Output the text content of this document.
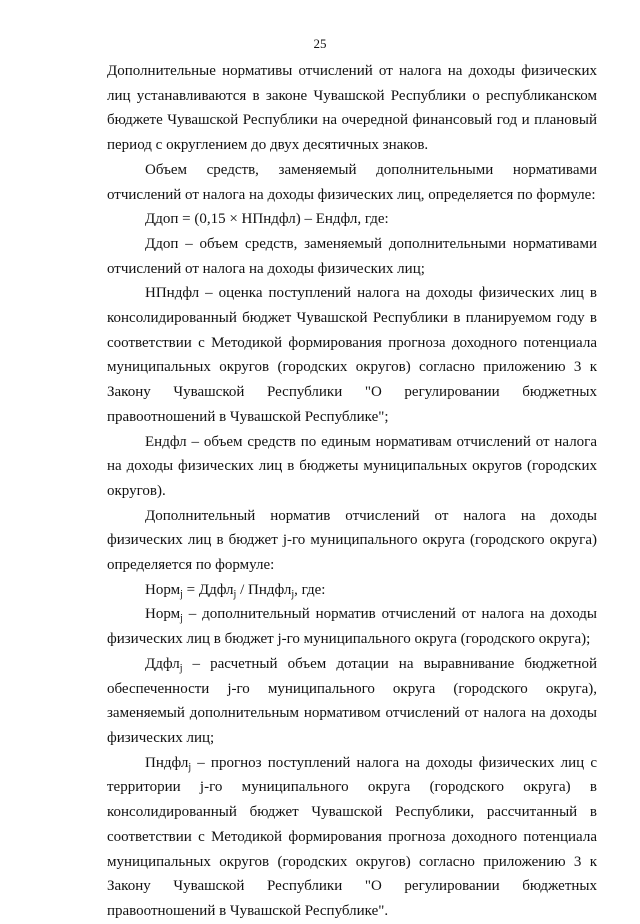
25

Дополнительные нормативы отчислений от налога на доходы физических лиц устанавливаются в законе Чувашской Республики о республиканском бюджете Чувашской Республики на очередной финансовый год и плановый период с округлением до двух десятичных знаков.

Объем средств, заменяемый дополнительными нормативами отчислений от налога на доходы физических лиц, определяется по формуле:

Ддоп = (0,15 × НПндфл) – Ендфл, где:

Ддоп – объем средств, заменяемый дополнительными нормативами отчислений от налога на доходы физических лиц;

НПндфл – оценка поступлений налога на доходы физических лиц в консолидированный бюджет Чувашской Республики в планируемом году в соответствии с Методикой формирования прогноза доходного потенциала муниципальных округов (городских округов) согласно приложению 3 к Закону Чувашской Республики "О регулировании бюджетных правоотношений в Чувашской Республике";

Ендфл – объем средств по единым нормативам отчислений от налога на доходы физических лиц в бюджеты муниципальных округов (городских округов).

Дополнительный норматив отчислений от налога на доходы физических лиц в бюджет j-го муниципального округа (городского округа) определяется по формуле:

Норм$_j$ = Ддфл$_j$ / Пндфл$_j$, где:

Норм$_j$ – дополнительный норматив отчислений от налога на доходы физических лиц в бюджет j-го муниципального округа (городского округа);

Ддфл$_j$ – расчетный объем дотации на выравнивание бюджетной обеспеченности j-го муниципального округа (городского округа), заменяемый дополнительным нормативом отчислений от налога на доходы физических лиц;

Пндфл$_j$ – прогноз поступлений налога на доходы физических лиц с территории j-го муниципального округа (городского округа) в консолидированный бюджет Чувашской Республики, рассчитанный в соответствии с Методикой формирования прогноза доходного потенциала муниципальных округов (городских округов) согласно приложению 3 к Закону Чувашской Республики "О регулировании бюджетных правоотношений в Чувашской Республике".
